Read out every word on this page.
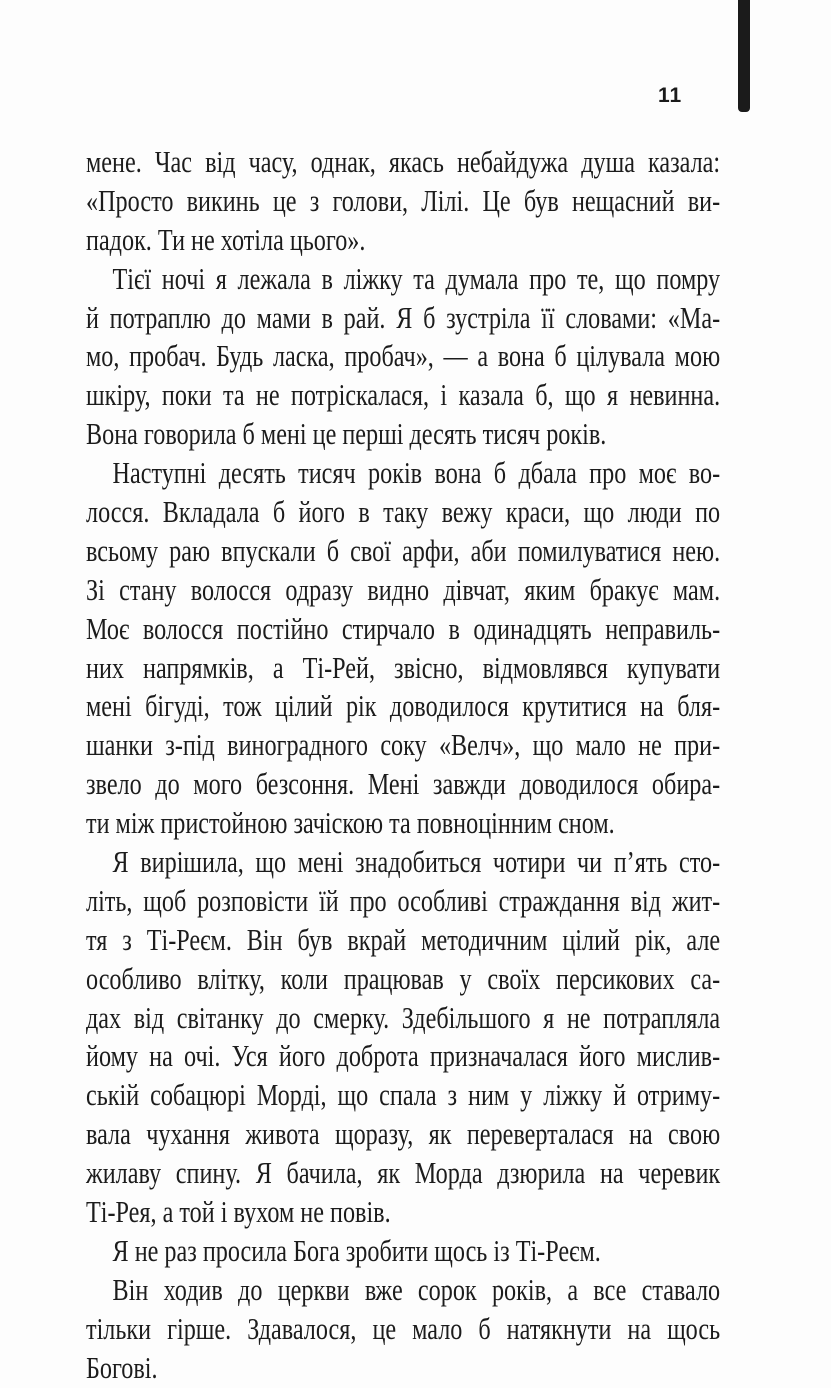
11
мене. Час від часу, однак, якась небайдужа душа казала:
«Просто викинь це з голови, Лілі. Це був нещасний ви-
падок. Ти не хотіла цього».
Тієї ночі я лежала в ліжку та думала про те, що помру
й потраплю до мами в рай. Я б зустріла її словами: «Ма-
мо, пробач. Будь ласка, пробач», — а вона б цілувала мою
шкіру, поки та не потріскалася, і казала б, що я невинна.
Вона говорила б мені це перші десять тисяч років.
Наступні десять тисяч років вона б дбала про моє во-
лосся. Вкладала б його в таку вежу краси, що люди по
всьому раю впускали б свої арфи, аби помилуватися нею.
Зі стану волосся одразу видно дівчат, яким бракує мам.
Моє волосся постійно стирчало в одинадцять неправиль-
них напрямків, а Ті-Рей, звісно, відмовлявся купувати
мені бігуді, тож цілий рік доводилося крутитися на бля-
шанки з-під виноградного соку «Велч», що мало не при-
звело до мого безсоння. Мені завжди доводилося обира-
ти між пристойною зачіскою та повноцінним сном.
Я вирішила, що мені знадобиться чотири чи п’ять сто-
літь, щоб розповісти їй про особливі страждання від жит-
тя з Ті-Реєм. Він був вкрай методичним цілий рік, але
особливо влітку, коли працював у своїх персикових са-
дах від світанку до смерку. Здебільшого я не потрапляла
йому на очі. Уся його доброта призначалася його мислив-
ській собацюрі Морді, що спала з ним у ліжку й отриму-
вала чухання живота щоразу, як переверталася на свою
жилаву спину. Я бачила, як Морда дзюрила на черевик
Ті-Рея, а той і вухом не повів.
Я не раз просила Бога зробити щось із Ті-Реєм.
Він ходив до церкви вже сорок років, а все ставало
тільки гірше. Здавалося, це мало б натякнути на щось
Богові.
